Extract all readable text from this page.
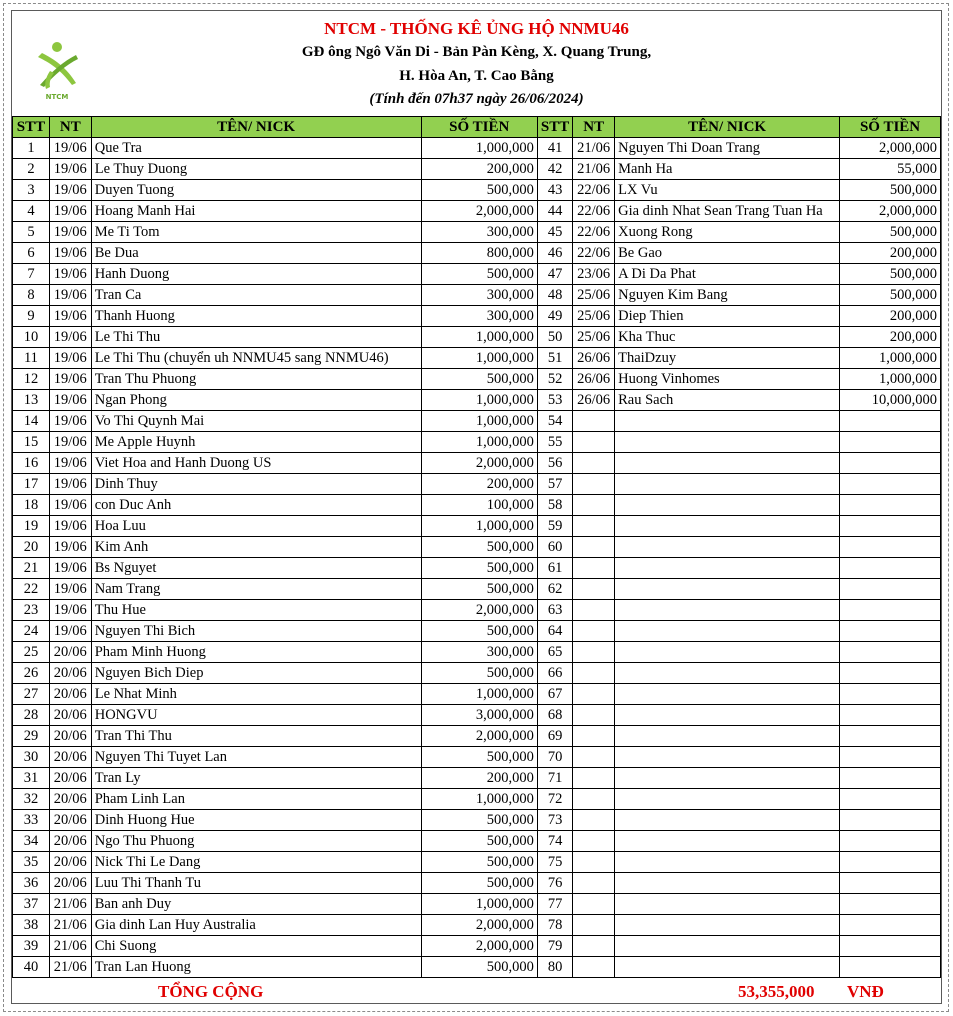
NTCM
NTCM - THỐNG KÊ ỦNG HỘ NNMU46
GĐ ông Ngô Văn Di - Bản Pàn Kèng, X. Quang Trung,
H. Hòa An, T. Cao Bằng
(Tính đến 07h37 ngày 26/06/2024)
STT	NT	TÊN/ NICK	SỐ TIỀN	STT	NT	TÊN/ NICK	SỐ TIỀN
1	19/06	Que Tra	1,000,000	41	21/06	Nguyen Thi Doan Trang	2,000,000
2	19/06	Le Thuy Duong	200,000	42	21/06	Manh Ha	55,000
3	19/06	Duyen Tuong	500,000	43	22/06	LX Vu	500,000
4	19/06	Hoang Manh Hai	2,000,000	44	22/06	Gia dinh Nhat Sean Trang Tuan Ha	2,000,000
5	19/06	Me Ti Tom	300,000	45	22/06	Xuong Rong	500,000
6	19/06	Be Dua	800,000	46	22/06	Be Gao	200,000
7	19/06	Hanh Duong	500,000	47	23/06	A Di Da Phat	500,000
8	19/06	Tran Ca	300,000	48	25/06	Nguyen Kim Bang	500,000
9	19/06	Thanh Huong	300,000	49	25/06	Diep Thien	200,000
10	19/06	Le Thi Thu	1,000,000	50	25/06	Kha Thuc	200,000
11	19/06	Le Thi Thu (chuyển uh NNMU45 sang NNMU46)	1,000,000	51	26/06	ThaiDzuy	1,000,000
12	19/06	Tran Thu Phuong	500,000	52	26/06	Huong Vinhomes	1,000,000
13	19/06	Ngan Phong	1,000,000	53	26/06	Rau Sach	10,000,000
14	19/06	Vo Thi Quynh Mai	1,000,000	54			
15	19/06	Me Apple Huynh	1,000,000	55			
16	19/06	Viet Hoa and Hanh Duong US	2,000,000	56			
17	19/06	Dinh Thuy	200,000	57			
18	19/06	con Duc Anh	100,000	58			
19	19/06	Hoa Luu	1,000,000	59			
20	19/06	Kim Anh	500,000	60			
21	19/06	Bs Nguyet	500,000	61			
22	19/06	Nam Trang	500,000	62			
23	19/06	Thu Hue	2,000,000	63			
24	19/06	Nguyen Thi Bich	500,000	64			
25	20/06	Pham Minh Huong	300,000	65			
26	20/06	Nguyen Bich Diep	500,000	66			
27	20/06	Le Nhat Minh	1,000,000	67			
28	20/06	HONGVU	3,000,000	68			
29	20/06	Tran Thi Thu	2,000,000	69			
30	20/06	Nguyen Thi Tuyet Lan	500,000	70			
31	20/06	Tran Ly	200,000	71			
32	20/06	Pham Linh Lan	1,000,000	72			
33	20/06	Dinh Huong Hue	500,000	73			
34	20/06	Ngo Thu Phuong	500,000	74			
35	20/06	Nick Thi Le Dang	500,000	75			
36	20/06	Luu Thi Thanh Tu	500,000	76			
37	21/06	Ban anh Duy	1,000,000	77			
38	21/06	Gia dinh Lan Huy Australia	2,000,000	78			
39	21/06	Chi Suong	2,000,000	79			
40	21/06	Tran Lan Huong	500,000	80			
TỔNG CỘNG	53,355,000 VNĐ
